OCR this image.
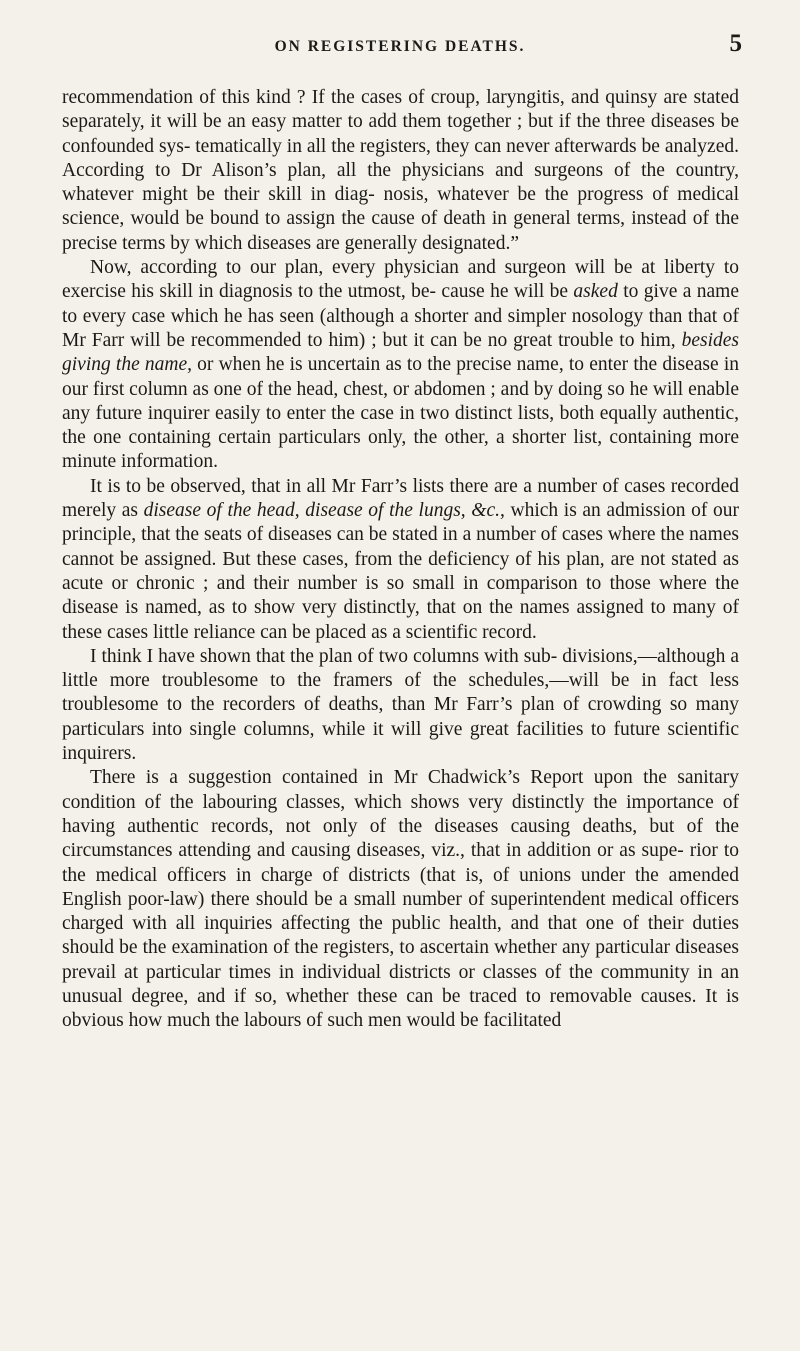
ON REGISTERING DEATHS.	5

recommendation of this kind ? If the cases of croup, laryngitis, and quinsy are stated separately, it will be an easy matter to add them together ; but if the three diseases be confounded sys- tematically in all the registers, they can never afterwards be analyzed. According to Dr Alison’s plan, all the physicians and surgeons of the country, whatever might be their skill in diag- nosis, whatever be the progress of medical science, would be bound to assign the cause of death in general terms, instead of the precise terms by which diseases are generally designated.”

Now, according to our plan, every physician and surgeon will be at liberty to exercise his skill in diagnosis to the utmost, be- cause he will be asked to give a name to every case which he has seen (although a shorter and simpler nosology than that of Mr Farr will be recommended to him) ; but it can be no great trouble to him, besides giving the name, or when he is uncertain as to the precise name, to enter the disease in our first column as one of the head, chest, or abdomen ; and by doing so he will enable any future inquirer easily to enter the case in two distinct lists, both equally authentic, the one containing certain particulars only, the other, a shorter list, containing more minute information.

It is to be observed, that in all Mr Farr’s lists there are a number of cases recorded merely as disease of the head, disease of the lungs, &c., which is an admission of our principle, that the seats of diseases can be stated in a number of cases where the names cannot be assigned. But these cases, from the deficiency of his plan, are not stated as acute or chronic ; and their number is so small in comparison to those where the disease is named, as to show very distinctly, that on the names assigned to many of these cases little reliance can be placed as a scientific record.

I think I have shown that the plan of two columns with sub- divisions,—although a little more troublesome to the framers of the schedules,—will be in fact less troublesome to the recorders of deaths, than Mr Farr’s plan of crowding so many particulars into single columns, while it will give great facilities to future scientific inquirers.

There is a suggestion contained in Mr Chadwick’s Report upon the sanitary condition of the labouring classes, which shows very distinctly the importance of having authentic records, not only of the diseases causing deaths, but of the circumstances attending and causing diseases, viz., that in addition or as supe- rior to the medical officers in charge of districts (that is, of unions under the amended English poor-law) there should be a small number of superintendent medical officers charged with all inquiries affecting the public health, and that one of their duties should be the examination of the registers, to ascertain whether any particular diseases prevail at particular times in individual districts or classes of the community in an unusual degree, and if so, whether these can be traced to removable causes. It is obvious how much the labours of such men would be facilitated
